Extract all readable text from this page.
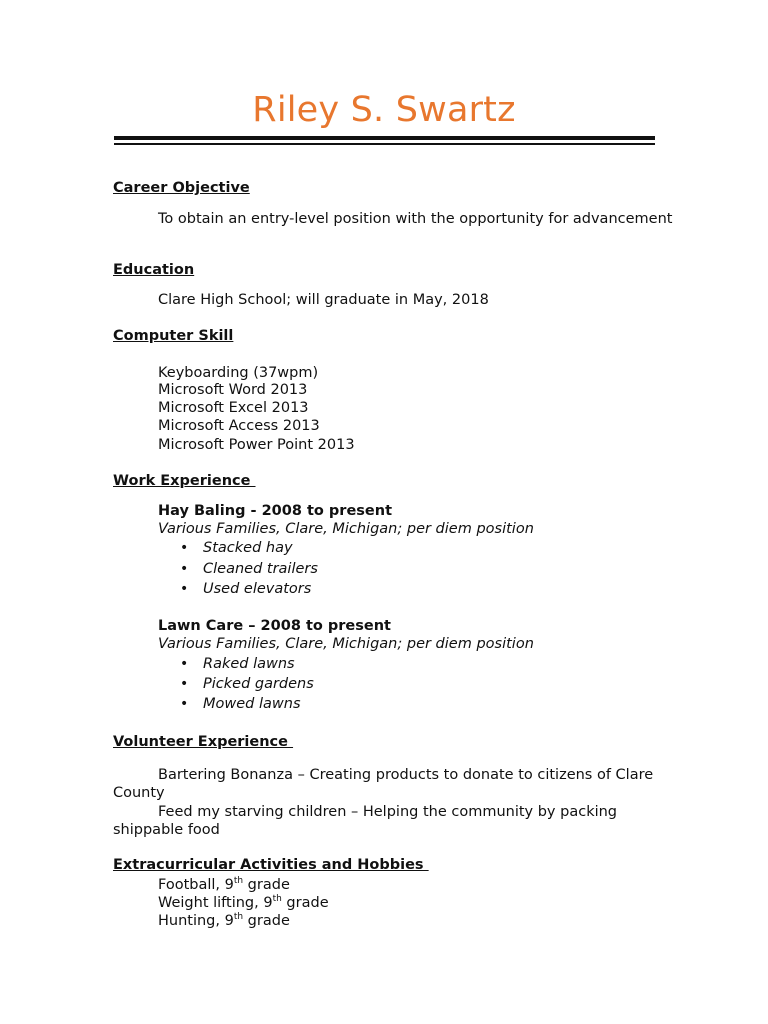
Riley S. Swartz
Career Objective
To obtain an entry-level position with the opportunity for advancement
Education
Clare High School; will graduate in May, 2018
Computer Skill
Keyboarding (37wpm)
Microsoft Word 2013
Microsoft Excel 2013
Microsoft Access 2013
Microsoft Power Point 2013
Work Experience
Hay Baling - 2008 to present
Various Families, Clare, Michigan; per diem position
• Stacked hay
• Cleaned trailers
• Used elevators
Lawn Care – 2008 to present
Various Families, Clare, Michigan; per diem position
• Raked lawns
• Picked gardens
• Mowed lawns
Volunteer Experience
Bartering Bonanza – Creating products to donate to citizens of Clare County
Feed my starving children – Helping the community by packing shippable food
Extracurricular Activities and Hobbies
Football, 9th grade
Weight lifting, 9th grade
Hunting, 9th grade
